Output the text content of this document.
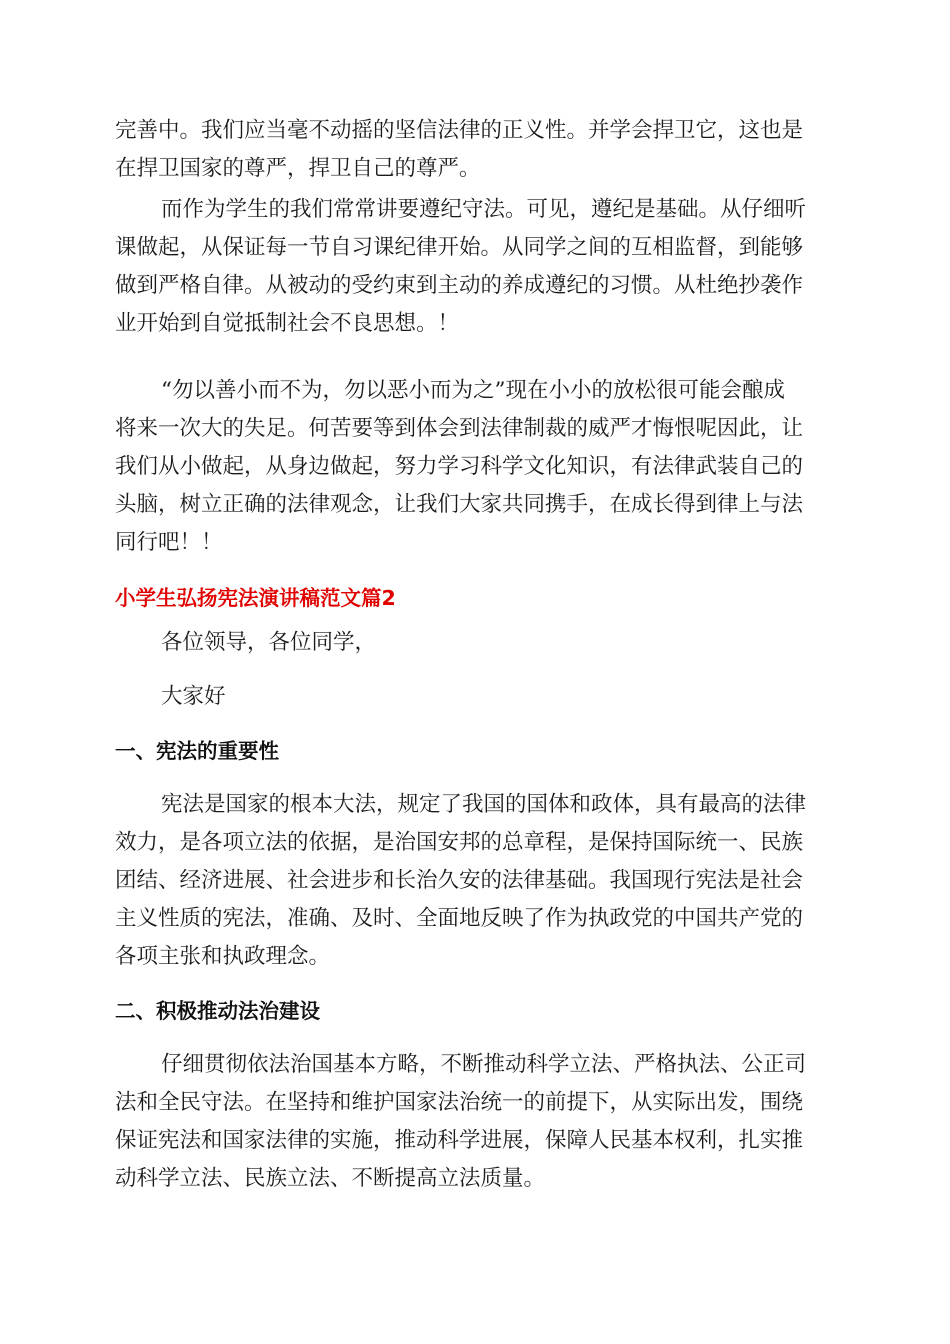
完善中。我们应当毫不动摇的坚信法律的正义性。并学会捍卫它，这也是
在捍卫国家的尊严，捍卫自己的尊严。

而作为学生的我们常常讲要遵纪守法。可见，遵纪是基础。从仔细听
课做起，从保证每一节自习课纪律开始。从同学之间的互相监督，到能够
做到严格自律。从被动的受约束到主动的养成遵纪的习惯。从杜绝抄袭作
业开始到自觉抵制社会不良思想。！

“勿以善小而不为，勿以恶小而为之”现在小小的放松很可能会酿成
将来一次大的失足。何苦要等到体会到法律制裁的威严才悔恨呢因此，让
我们从小做起，从身边做起，努力学习科学文化知识，有法律武装自己的
头脑，树立正确的法律观念，让我们大家共同携手，在成长得到律上与法
同行吧！！

小学生弘扬宪法演讲稿范文篇2

各位领导，各位同学，

大家好

一、宪法的重要性

宪法是国家的根本大法，规定了我国的国体和政体，具有最高的法律
效力，是各项立法的依据，是治国安邦的总章程，是保持国际统一、民族
团结、经济进展、社会进步和长治久安的法律基础。我国现行宪法是社会
主义性质的宪法，准确、及时、全面地反映了作为执政党的中国共产党的
各项主张和执政理念。

二、积极推动法治建设

仔细贯彻依法治国基本方略，不断推动科学立法、严格执法、公正司
法和全民守法。在坚持和维护国家法治统一的前提下，从实际出发，围绕
保证宪法和国家法律的实施，推动科学进展，保障人民基本权利，扎实推
动科学立法、民族立法、不断提高立法质量。
